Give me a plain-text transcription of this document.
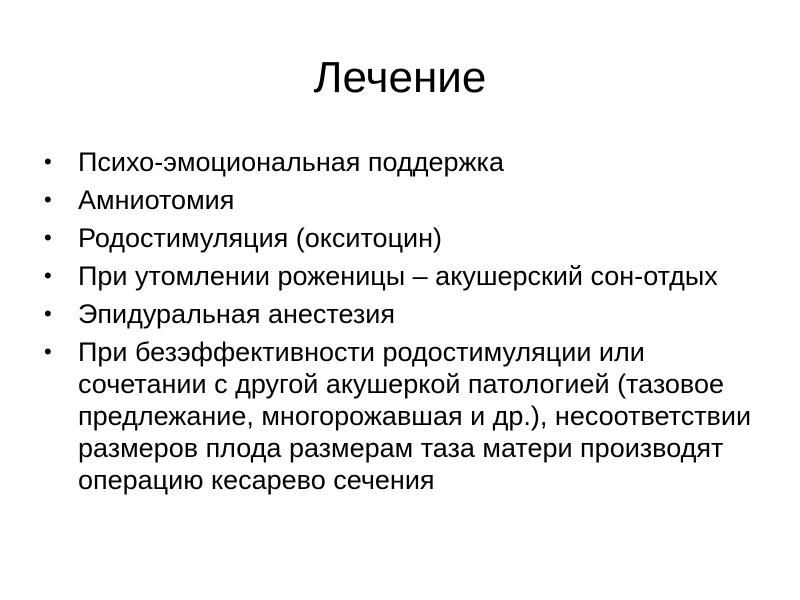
Лечение
• Психо-эмоциональная поддержка
• Амниотомия
• Родостимуляция (окситоцин)
• При утомлении роженицы – акушерский сон-отдых
• Эпидуральная анестезия
• При безэффективности родостимуляции или сочетании с другой акушеркой патологией (тазовое предлежание, многорожавшая и др.), несоответствии размеров плода размерам таза матери производят операцию кесарево сечения
